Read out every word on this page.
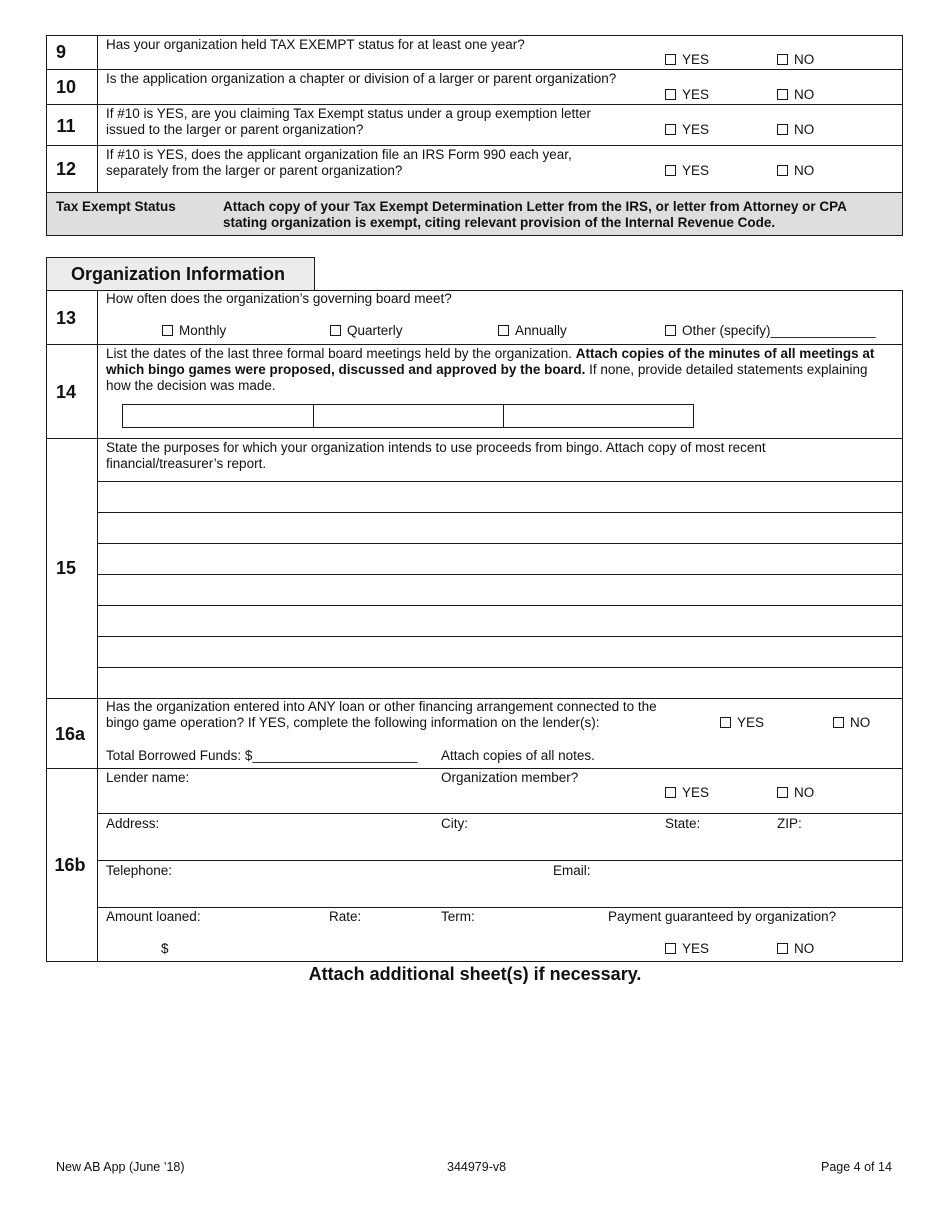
9	Has your organization held TAX EXEMPT status for at least one year?
YES	NO
10	Is the application organization a chapter or division of a larger or parent organization?
YES	NO
11
If #10 is YES, are you claiming Tax Exempt status under a group exemption letter
issued to the larger or parent organization?	YES	NO
12
If #10 is YES, does the applicant organization file an IRS Form 990 each year,
separately from the larger or parent organization?	YES	NO
Tax Exempt Status	Attach copy of your Tax Exempt Determination Letter from the IRS, or letter from Attorney or CPA
stating organization is exempt, citing relevant provision of the Internal Revenue Code.
Organization Information
13
How often does the organization’s governing board meet?
Monthly	Quarterly	Annually	Other (specify)______________
14
List the dates of the last three formal board meetings held by the organization. Attach copies of the minutes of all meetings at which bingo games were proposed, discussed and approved by the board. If none, provide detailed statements explaining how the decision was made.
15
State the purposes for which your organization intends to use proceeds from bingo. Attach copy of most recent
financial/treasurer’s report.
16a
Has the organization entered into ANY loan or other financing arrangement connected to the
bingo game operation? If YES, complete the following information on the lender(s):	YES	NO
Total Borrowed Funds: $______________________ Attach copies of all notes.
16b
Lender name:	Organization member?
YES	NO
Address:	City:	State:	ZIP:
Telephone:	Email:
Amount loaned:	Rate:	Term:	Payment guaranteed by organization?
$	YES	NO
Attach additional sheet(s) if necessary.
New AB App (June ’18)	344979-v8	Page 4 of 14
